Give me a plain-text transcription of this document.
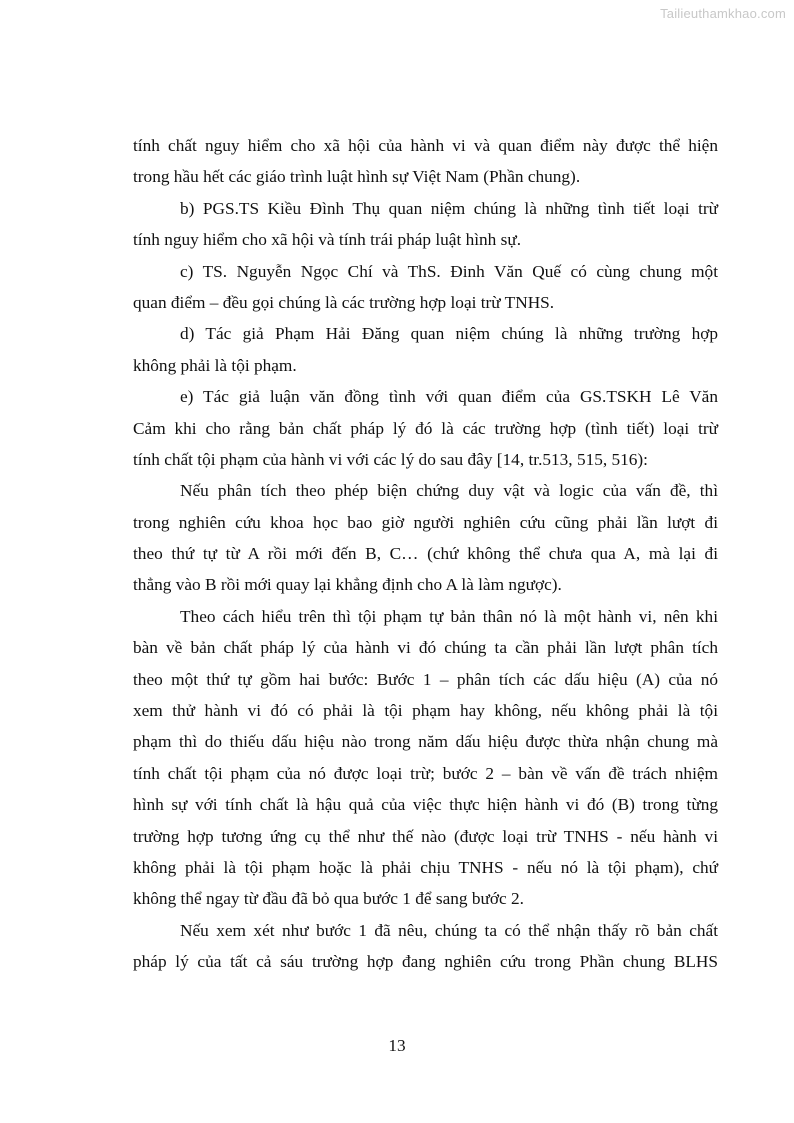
Tailieuthamkhao.com
tính chất nguy hiểm cho xã hội của hành vi và quan điểm này được thể hiện
trong hầu hết các giáo trình luật hình sự Việt Nam (Phần chung).
b) PGS.TS Kiều Đình Thụ quan niệm chúng là những tình tiết loại trừ
tính nguy hiểm cho xã hội và tính trái pháp luật hình sự.
c) TS. Nguyễn Ngọc Chí và ThS. Đinh Văn Quế có cùng chung một
quan điểm – đều gọi chúng là các trường hợp loại trừ TNHS.
d) Tác giả Phạm Hải Đăng quan niệm chúng là những trường hợp
không phải là tội phạm.
e) Tác giả luận văn đồng tình với quan điểm của GS.TSKH Lê Văn
Cảm khi cho rằng bản chất pháp lý đó là các trường hợp (tình tiết) loại trừ
tính chất tội phạm của hành vi với các lý do sau đây [14, tr.513, 515, 516):
Nếu phân tích theo phép biện chứng duy vật và logic của vấn đề, thì
trong nghiên cứu khoa học bao giờ người nghiên cứu cũng phải lần lượt đi
theo thứ tự từ A rồi mới đến B, C… (chứ không thể chưa qua A, mà lại đi
thẳng vào B rồi mới quay lại khẳng định cho A là làm ngược).
Theo cách hiểu trên thì tội phạm tự bản thân nó là một hành vi, nên khi
bàn về bản chất pháp lý của hành vi đó chúng ta cần phải lần lượt phân tích
theo một thứ tự gồm hai bước: Bước 1 – phân tích các dấu hiệu (A) của nó
xem thử hành vi đó có phải là tội phạm hay không, nếu không phải là tội
phạm thì do thiếu dấu hiệu nào trong năm dấu hiệu được thừa nhận chung mà
tính chất tội phạm của nó được loại trừ; bước 2 – bàn về vấn đề trách nhiệm
hình sự với tính chất là hậu quả của việc thực hiện hành vi đó (B) trong từng
trường hợp tương ứng cụ thể như thế nào (được loại trừ TNHS - nếu hành vi
không phải là tội phạm hoặc là phải chịu TNHS - nếu nó là tội phạm), chứ
không thể ngay từ đầu đã bỏ qua bước 1 để sang bước 2.
Nếu xem xét như bước 1 đã nêu, chúng ta có thể nhận thấy rõ bản chất
pháp lý của tất cả sáu trường hợp đang nghiên cứu trong Phần chung BLHS
13
